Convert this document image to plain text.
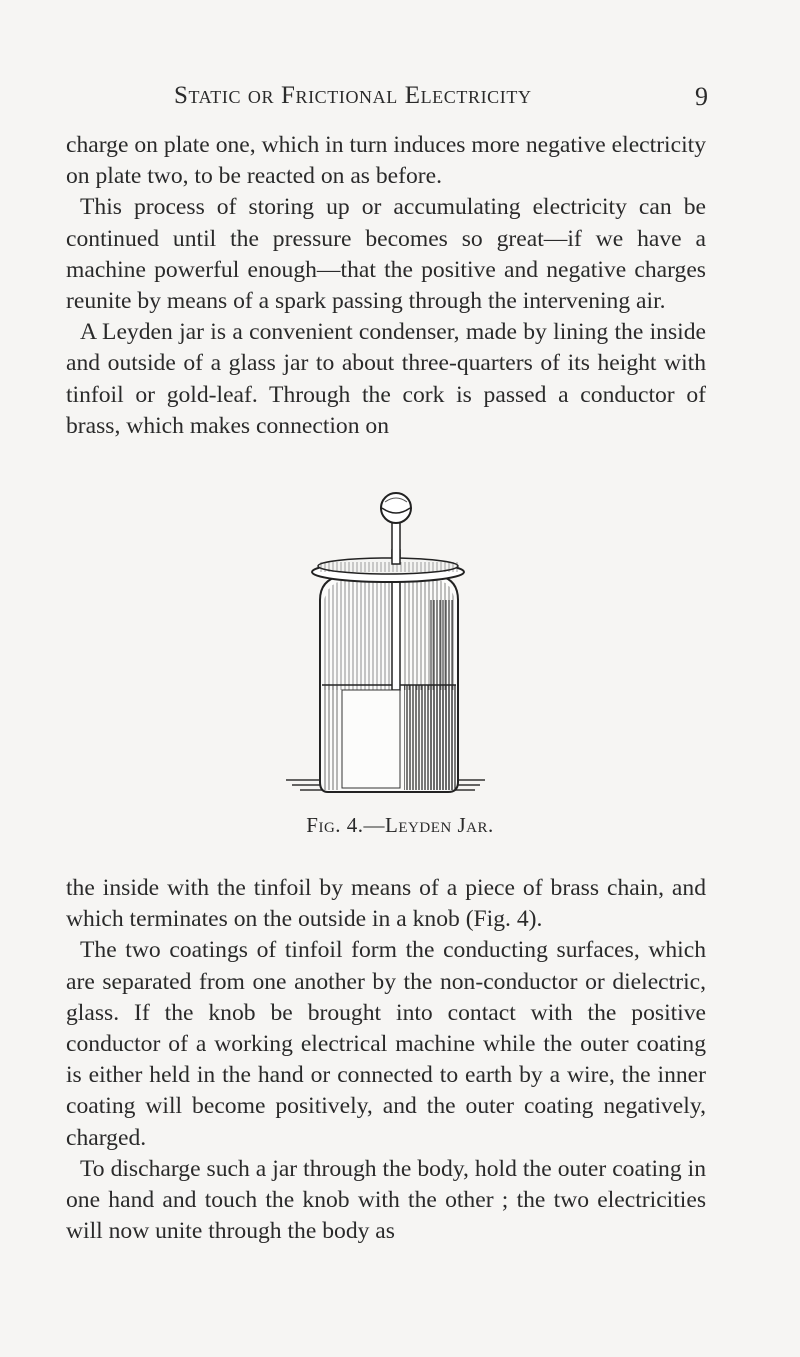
Static or Frictional Electricity	9

charge on plate one, which in turn induces more negative electricity on plate two, to be reacted on as before.

This process of storing up or accumulating electricity can be continued until the pressure becomes so great—if we have a machine powerful enough—that the positive and negative charges reunite by means of a spark passing through the intervening air.

A Leyden jar is a convenient condenser, made by lining the inside and outside of a glass jar to about three-quarters of its height with tinfoil or gold-leaf. Through the cork is passed a conductor of brass, which makes connection on

Fig. 4.—Leyden Jar.

the inside with the tinfoil by means of a piece of brass chain, and which terminates on the outside in a knob (Fig. 4).

The two coatings of tinfoil form the conducting surfaces, which are separated from one another by the non-conductor or dielectric, glass. If the knob be brought into contact with the positive conductor of a working electrical machine while the outer coating is either held in the hand or connected to earth by a wire, the inner coating will become positively, and the outer coating negatively, charged.

To discharge such a jar through the body, hold the outer coating in one hand and touch the knob with the other ; the two electricities will now unite through the body as
